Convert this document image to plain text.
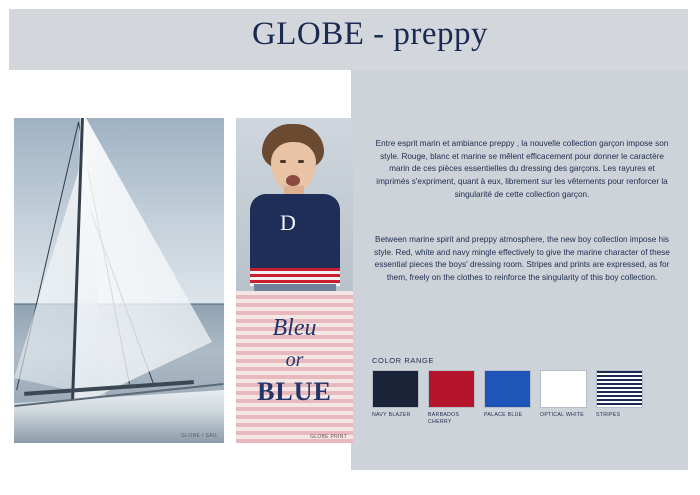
GLOBE - preppy
GLOBE / SAIL
D
Bleu
or
BLUE
GLOBE PRINT
Entre esprit marin et ambiance preppy , la nouvelle collection garçon impose son style. Rouge, blanc et marine se mêlent efficacement pour donner le caractère marin de ces pièces essentielles du dressing des garçons. Les rayures et imprimés s'expriment, quant à eux, librement sur les vêtements pour renforcer la singularité de cette collection garçon.
Between marine spirit and preppy atmosphere, the new boy collection impose his style. Red, white and navy mingle effectively to give the marine character of these essential pieces the boys' dressing room. Stripes and prints are expressed, as for them, freely on the clothes to reinforce the singularity of this boy collection.
COLOR RANGE
NAVY BLAZER	BARBADOS CHERRY
PALACE BLUE	OPTICAL WHITE	STRIPES
